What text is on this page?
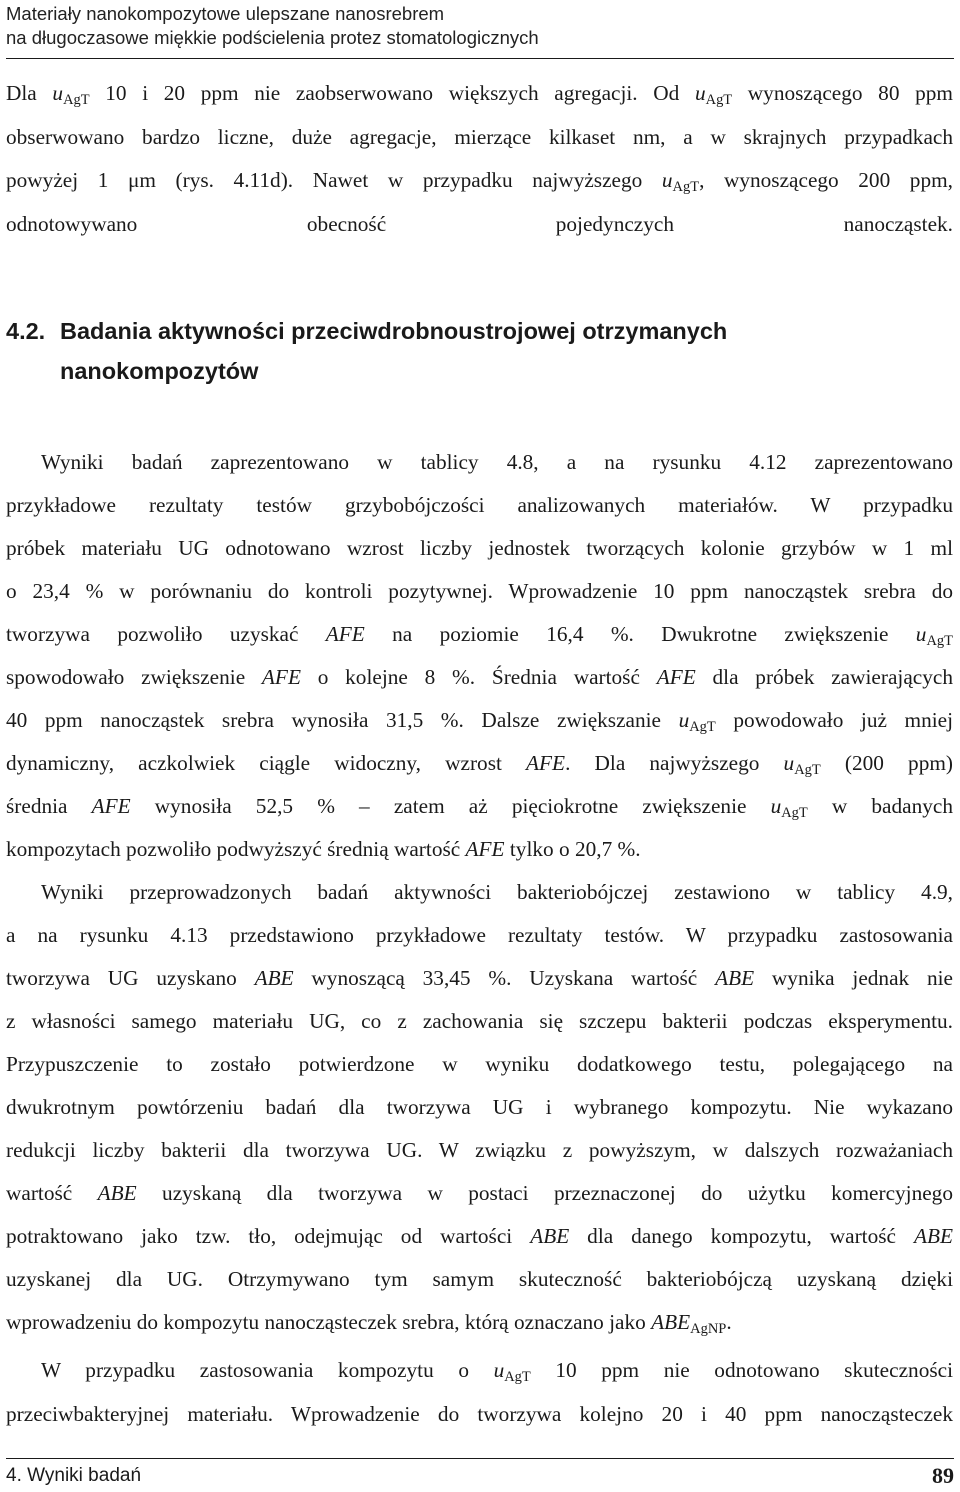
Materiały nanokompozytowe ulepszane nanosrebrem
na długoczasowe miękkie podścielenia protez stomatologicznych
Dla $u_{AgT}$ 10 i 20 ppm nie zaobserwowano większych agregacji. Od $u_{AgT}$ wynoszącego 80 ppm
obserwowano bardzo liczne, duże agregacje, mierzące kilkaset nm, a w skrajnych przypadkach
powyżej 1 μm (rys. 4.11d). Nawet w przypadku najwyższego $u_{AgT}$, wynoszącego 200 ppm,
odnotowywano obecność pojedynczych nanocząstek.
4.2. Badania aktywności przeciwdrobnoustrojowej otrzymanych
nanokompozytów
Wyniki badań zaprezentowano w tablicy 4.8, a na rysunku 4.12 zaprezentowano
przykładowe rezultaty testów grzybobójczości analizowanych materiałów. W przypadku
próbek materiału UG odnotowano wzrost liczby jednostek tworzących kolonie grzybów w 1 ml
o 23,4 % w porównaniu do kontroli pozytywnej. Wprowadzenie 10 ppm nanocząstek srebra do
tworzywa pozwoliło uzyskać AFE na poziomie 16,4 %. Dwukrotne zwiększenie $u_{AgT}$
spowodowało zwiększenie AFE o kolejne 8 %. Średnia wartość AFE dla próbek zawierających
40 ppm nanocząstek srebra wynosiła 31,5 %. Dalsze zwiększanie $u_{AgT}$ powodowało już mniej
dynamiczny, aczkolwiek ciągle widoczny, wzrost AFE. Dla najwyższego $u_{AgT}$ (200 ppm)
średnia AFE wynosiła 52,5 % – zatem aż pięciokrotne zwiększenie $u_{AgT}$ w badanych
kompozytach pozwoliło podwyższyć średnią wartość AFE tylko o 20,7 %.
Wyniki przeprowadzonych badań aktywności bakteriobójczej zestawiono w tablicy 4.9,
a na rysunku 4.13 przedstawiono przykładowe rezultaty testów. W przypadku zastosowania
tworzywa UG uzyskano ABE wynoszącą 33,45 %. Uzyskana wartość ABE wynika jednak nie
z własności samego materiału UG, co z zachowania się szczepu bakterii podczas eksperymentu.
Przypuszczenie to zostało potwierdzone w wyniku dodatkowego testu, polegającego na
dwukrotnym powtórzeniu badań dla tworzywa UG i wybranego kompozytu. Nie wykazano
redukcji liczby bakterii dla tworzywa UG. W związku z powyższym, w dalszych rozważaniach
wartość ABE uzyskaną dla tworzywa w postaci przeznaczonej do użytku komercyjnego
potraktowano jako tzw. tło, odejmując od wartości ABE dla danego kompozytu, wartość ABE
uzyskanej dla UG. Otrzymywano tym samym skuteczność bakteriobójczą uzyskaną dzięki
wprowadzeniu do kompozytu nanocząsteczek srebra, którą oznaczano jako $ABE_{AgNP}$.
W przypadku zastosowania kompozytu o $u_{AgT}$ 10 ppm nie odnotowano skuteczności
przeciwbakteryjnej materiału. Wprowadzenie do tworzywa kolejno 20 i 40 ppm nanocząsteczek
4. Wyniki badań	89
